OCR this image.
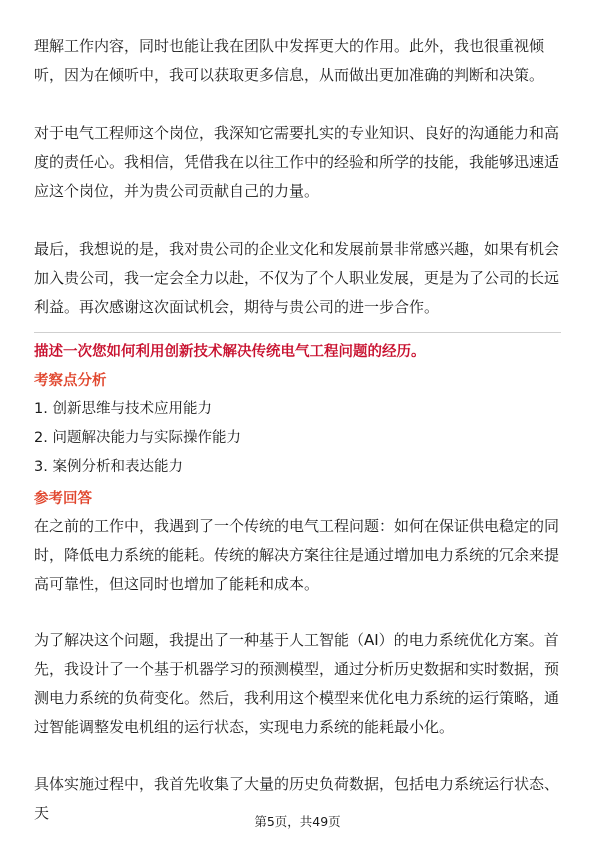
理解工作内容，同时也能让我在团队中发挥更大的作用。此外，我也很重视倾听，因为在倾听中，我可以获取更多信息，从而做出更加准确的判断和决策。

对于电气工程师这个岗位，我深知它需要扎实的专业知识、良好的沟通能力和高度的责任心。我相信，凭借我在以往工作中的经验和所学的技能，我能够迅速适应这个岗位，并为贵公司贡献自己的力量。

最后，我想说的是，我对贵公司的企业文化和发展前景非常感兴趣，如果有机会加入贵公司，我一定会全力以赴，不仅为了个人职业发展，更是为了公司的长远利益。再次感谢这次面试机会，期待与贵公司的进一步合作。

描述一次您如何利用创新技术解决传统电气工程问题的经历。

考察点分析

1. 创新思维与技术应用能力
2. 问题解决能力与实际操作能力
3. 案例分析和表达能力

参考回答

在之前的工作中，我遇到了一个传统的电气工程问题：如何在保证供电稳定的同时，降低电力系统的能耗。传统的解决方案往往是通过增加电力系统的冗余来提高可靠性，但这同时也增加了能耗和成本。

为了解决这个问题，我提出了一种基于人工智能（AI）的电力系统优化方案。首先，我设计了一个基于机器学习的预测模型，通过分析历史数据和实时数据，预测电力系统的负荷变化。然后，我利用这个模型来优化电力系统的运行策略，通过智能调整发电机组的运行状态，实现电力系统的能耗最小化。

具体实施过程中，我首先收集了大量的历史负荷数据，包括电力系统运行状态、天	第5页，共49页
